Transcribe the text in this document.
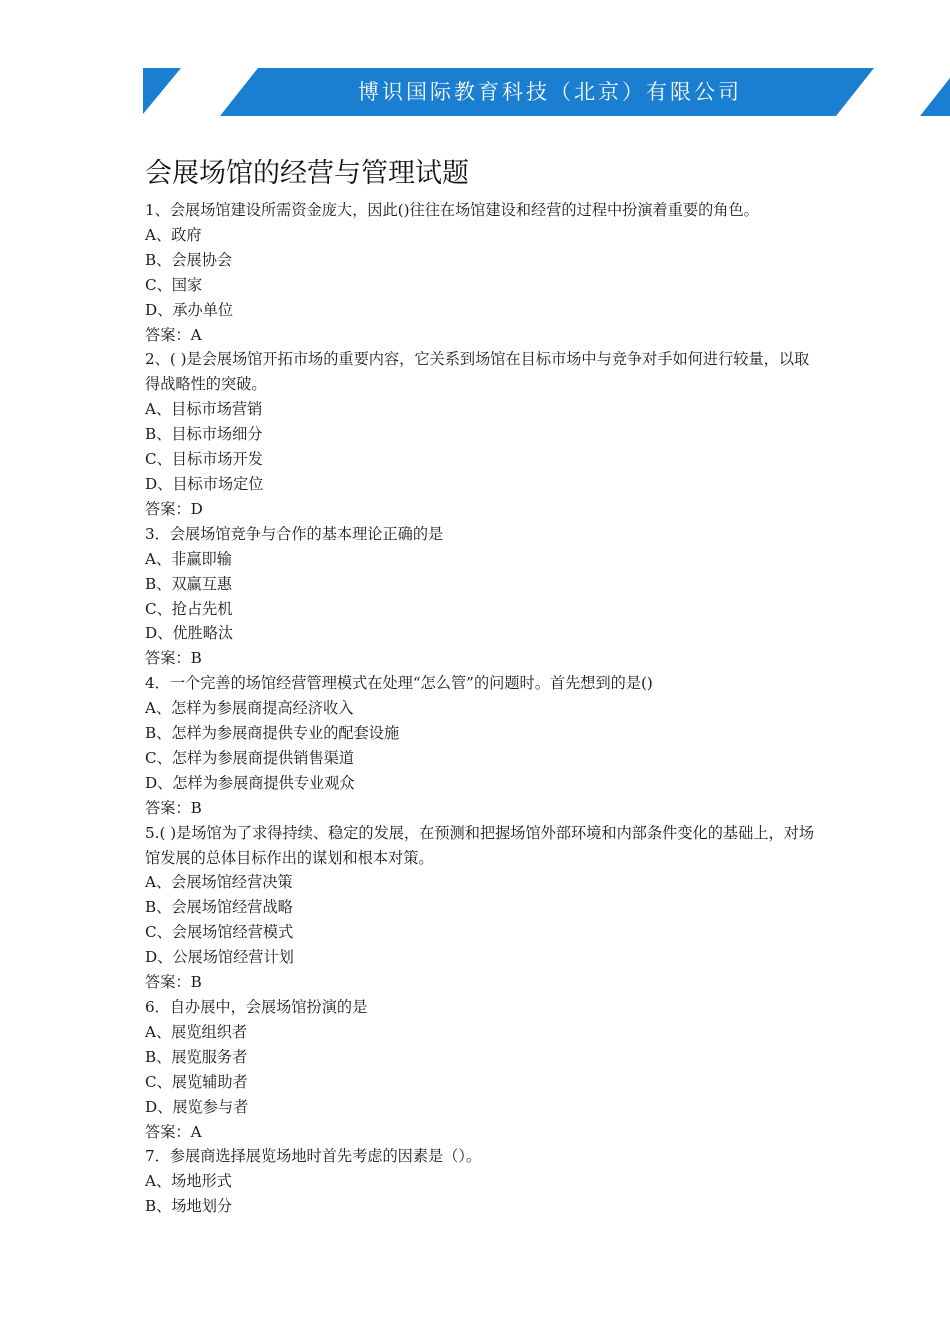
博识国际教育科技（北京）有限公司
会展场馆的经营与管理试题

1、会展场馆建设所需资金庞大，因此()往往在场馆建设和经营的过程中扮演着重要的角色。

A、政府

B、会展协会

C、国家

D、承办单位

答案：A

2、( )是会展场馆开拓市场的重要内容，它关系到场馆在目标市场中与竞争对手如何进行较量，以取得战略性的突破。

A、目标市场营销

B、目标市场细分

C、目标市场开发

D、目标市场定位

答案：D

3．会展场馆竞争与合作的基本理论正确的是

A、非赢即输

B、双赢互惠

C、抢占先机

D、优胜略汰

答案：B

4．一个完善的场馆经营管理模式在处理“怎么管”的问题时。首先想到的是()

A、怎样为参展商提高经济收入

B、怎样为参展商提供专业的配套设施

C、怎样为参展商提供销售渠道

D、怎样为参展商提供专业观众

答案：B

5.( )是场馆为了求得持续、稳定的发展，在预测和把握场馆外部环境和内部条件变化的基础上，对场馆发展的总体目标作出的谋划和根本对策。

A、会展场馆经营决策

B、会展场馆经营战略

C、会展场馆经营模式

D、公展场馆经营计划

答案：B

6．自办展中，会展场馆扮演的是

A、展览组织者

B、展览服务者

C、展览辅助者

D、展览参与者

答案：A

7．参展商选择展览场地时首先考虑的因素是（）。

A、场地形式

B、场地划分
